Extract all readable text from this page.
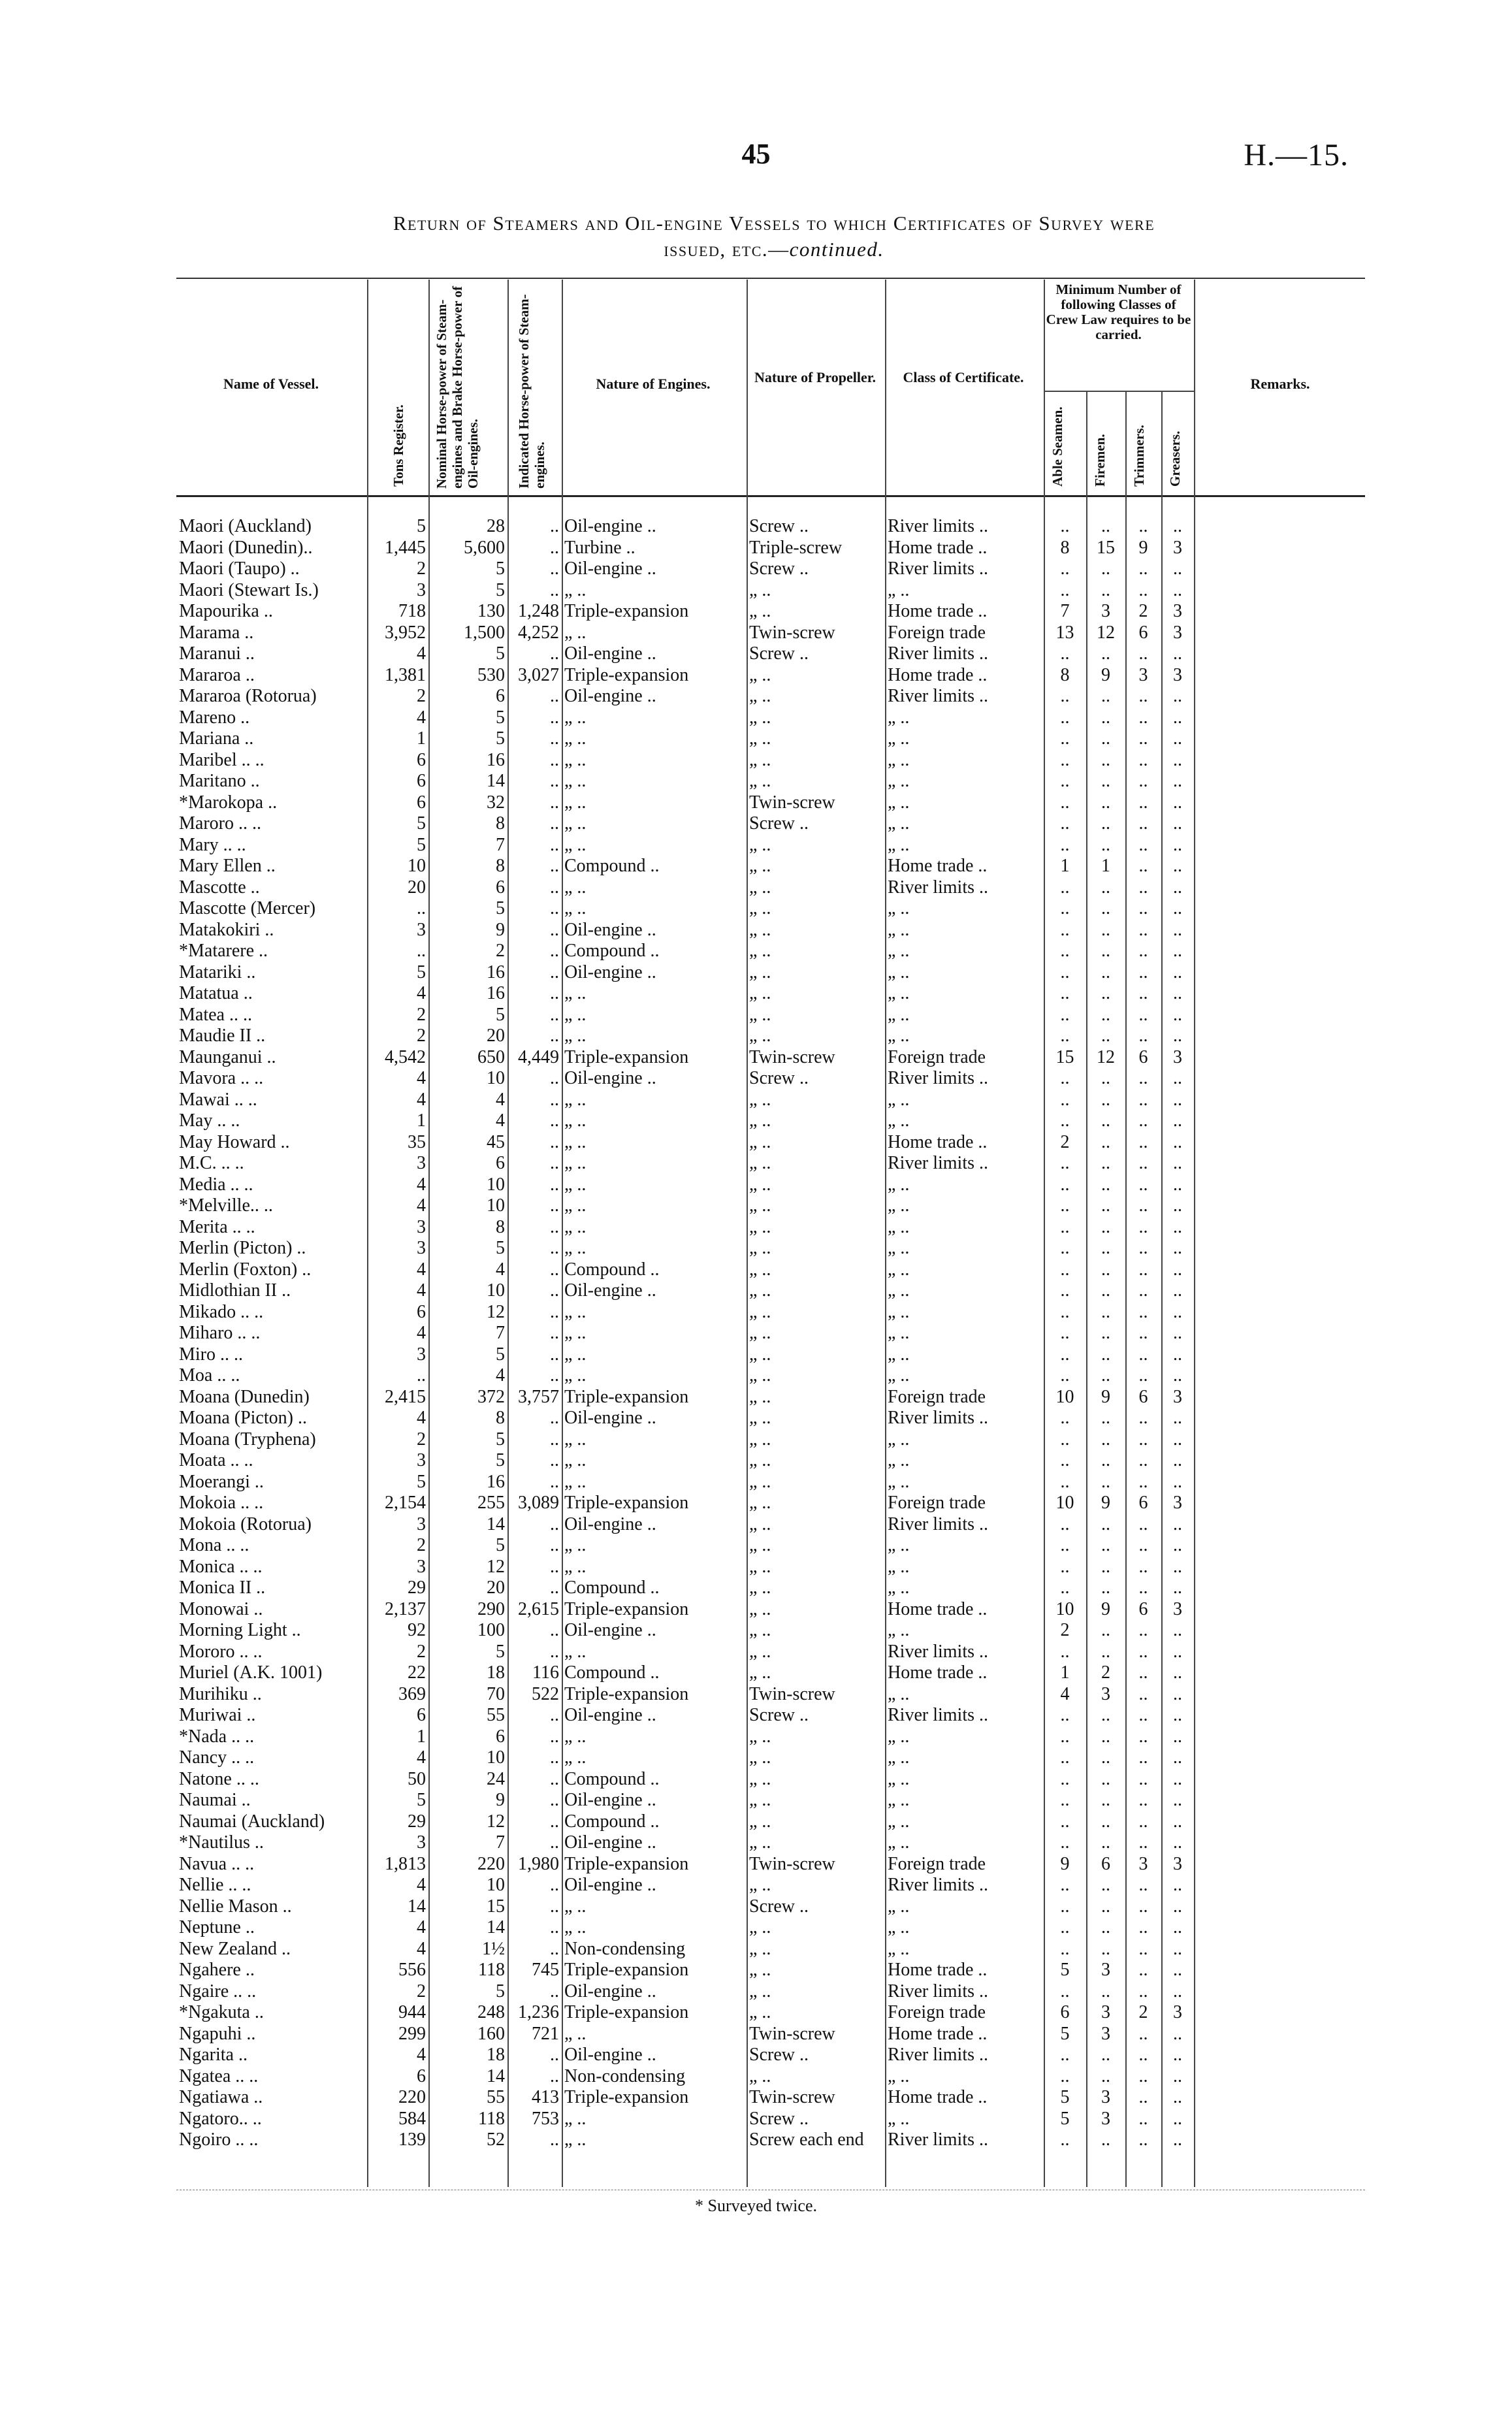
45	H.—15.
Return of Steamers and Oil-engine Vessels to which Certificates of Survey were
issued, etc.—continued.
Name of Vessel.
Tons Register. Nominal Horse-power of Steam-engines and Brake Horse-power of Oil-engines.	Indicated Horse-power of Steam-engines.
Nature of Engines.	Nature of Propeller.	Class of Certificate.
Minimum Number of following Classes of Crew Law requires to be carried.
Able Seamen.	Firemen. Trimmers. Greasers.
Remarks.
Maori (Auckland)	5	28	..	Oil-engine ..	Screw ..	River limits ..	..	..	..	..	
Maori (Dunedin)..	1,445	5,600	..	Turbine ..	Triple-screw	Home trade ..	8	15	9	3	
Maori (Taupo) ..	2	5	..	Oil-engine ..	Screw ..	River limits ..	..	..	..	..	
Maori (Stewart Is.)	3	5	..	„ ..	„ ..	„ ..	..	..	..	..	
Mapourika ..	718	130	1,248	Triple-expansion	„ ..	Home trade ..	7	3	2	3	
Marama ..	3,952	1,500	4,252	„ ..	Twin-screw	Foreign trade	13	12	6	3	
Maranui ..	4	5	..	Oil-engine ..	Screw ..	River limits ..	..	..	..	..	
Mararoa ..	1,381	530	3,027	Triple-expansion	„ ..	Home trade ..	8	9	3	3	
Mararoa (Rotorua)	2	6	..	Oil-engine ..	„ ..	River limits ..	..	..	..	..	
Mareno ..	4	5	..	„ ..	„ ..	„ ..	..	..	..	..	
Mariana ..	1	5	..	„ ..	„ ..	„ ..	..	..	..	..	
Maribel .. ..	6	16	..	„ ..	„ ..	„ ..	..	..	..	..	
Maritano ..	6	14	..	„ ..	„ ..	„ ..	..	..	..	..	
*Marokopa ..	6	32	..	„ ..	Twin-screw	„ ..	..	..	..	..	
Maroro .. ..	5	8	..	„ ..	Screw ..	„ ..	..	..	..	..	
Mary .. ..	5	7	..	„ ..	„ ..	„ ..	..	..	..	..	
Mary Ellen ..	10	8	..	Compound ..	„ ..	Home trade ..	1	1	..	..	
Mascotte ..	20	6	..	„ ..	„ ..	River limits ..	..	..	..	..	
Mascotte (Mercer)	..	5	..	„ ..	„ ..	„ ..	..	..	..	..	
Matakokiri ..	3	9	..	Oil-engine ..	„ ..	„ ..	..	..	..	..	
*Matarere ..	..	2	..	Compound ..	„ ..	„ ..	..	..	..	..	
Matariki ..	5	16	..	Oil-engine ..	„ ..	„ ..	..	..	..	..	
Matatua ..	4	16	..	„ ..	„ ..	„ ..	..	..	..	..	
Matea .. ..	2	5	..	„ ..	„ ..	„ ..	..	..	..	..	
Maudie II ..	2	20	..	„ ..	„ ..	„ ..	..	..	..	..	
Maunganui ..	4,542	650	4,449	Triple-expansion	Twin-screw	Foreign trade	15	12	6	3	
Mavora .. ..	4	10	..	Oil-engine ..	Screw ..	River limits ..	..	..	..	..	
Mawai .. ..	4	4	..	„ ..	„ ..	„ ..	..	..	..	..	
May .. ..	1	4	..	„ ..	„ ..	„ ..	..	..	..	..	
May Howard ..	35	45	..	„ ..	„ ..	Home trade ..	2	..	..	..	
M.C. .. ..	3	6	..	„ ..	„ ..	River limits ..	..	..	..	..	
Media .. ..	4	10	..	„ ..	„ ..	„ ..	..	..	..	..	
*Melville.. ..	4	10	..	„ ..	„ ..	„ ..	..	..	..	..	
Merita .. ..	3	8	..	„ ..	„ ..	„ ..	..	..	..	..	
Merlin (Picton) ..	3	5	..	„ ..	„ ..	„ ..	..	..	..	..	
Merlin (Foxton) ..	4	4	..	Compound ..	„ ..	„ ..	..	..	..	..	
Midlothian II ..	4	10	..	Oil-engine ..	„ ..	„ ..	..	..	..	..	
Mikado .. ..	6	12	..	„ ..	„ ..	„ ..	..	..	..	..	
Miharo .. ..	4	7	..	„ ..	„ ..	„ ..	..	..	..	..	
Miro .. ..	3	5	..	„ ..	„ ..	„ ..	..	..	..	..	
Moa .. ..	..	4	..	„ ..	„ ..	„ ..	..	..	..	..	
Moana (Dunedin)	2,415	372	3,757	Triple-expansion	„ ..	Foreign trade	10	9	6	3	
Moana (Picton) ..	4	8	..	Oil-engine ..	„ ..	River limits ..	..	..	..	..	
Moana (Tryphena)	2	5	..	„ ..	„ ..	„ ..	..	..	..	..	
Moata .. ..	3	5	..	„ ..	„ ..	„ ..	..	..	..	..	
Moerangi ..	5	16	..	„ ..	„ ..	„ ..	..	..	..	..	
Mokoia .. ..	2,154	255	3,089	Triple-expansion	„ ..	Foreign trade	10	9	6	3	
Mokoia (Rotorua)	3	14	..	Oil-engine ..	„ ..	River limits ..	..	..	..	..	
Mona .. ..	2	5	..	„ ..	„ ..	„ ..	..	..	..	..	
Monica .. ..	3	12	..	„ ..	„ ..	„ ..	..	..	..	..	
Monica II ..	29	20	..	Compound ..	„ ..	„ ..	..	..	..	..	
Monowai ..	2,137	290	2,615	Triple-expansion	„ ..	Home trade ..	10	9	6	3	
Morning Light ..	92	100	..	Oil-engine ..	„ ..	„ ..	2	..	..	..	
Mororo .. ..	2	5	..	„ ..	„ ..	River limits ..	..	..	..	..	
Muriel (A.K. 1001)	22	18	116	Compound ..	„ ..	Home trade ..	1	2	..	..	
Murihiku ..	369	70	522	Triple-expansion	Twin-screw	„ ..	4	3	..	..	
Muriwai ..	6	55	..	Oil-engine ..	Screw ..	River limits ..	..	..	..	..	
*Nada .. ..	1	6	..	„ ..	„ ..	„ ..	..	..	..	..	
Nancy .. ..	4	10	..	„ ..	„ ..	„ ..	..	..	..	..	
Natone .. ..	50	24	..	Compound ..	„ ..	„ ..	..	..	..	..	
Naumai ..	5	9	..	Oil-engine ..	„ ..	„ ..	..	..	..	..	
Naumai (Auckland)	29	12	..	Compound ..	„ ..	„ ..	..	..	..	..	
*Nautilus ..	3	7	..	Oil-engine ..	„ ..	„ ..	..	..	..	..	
Navua .. ..	1,813	220	1,980	Triple-expansion	Twin-screw	Foreign trade	9	6	3	3	
Nellie .. ..	4	10	..	Oil-engine ..	„ ..	River limits ..	..	..	..	..	
Nellie Mason ..	14	15	..	„ ..	Screw ..	„ ..	..	..	..	..	
Neptune ..	4	14	..	„ ..	„ ..	„ ..	..	..	..	..	
New Zealand ..	4	1½	..	Non-condensing	„ ..	„ ..	..	..	..	..	
Ngahere ..	556	118	745	Triple-expansion	„ ..	Home trade ..	5	3	..	..	
Ngaire .. ..	2	5	..	Oil-engine ..	„ ..	River limits ..	..	..	..	..	
*Ngakuta ..	944	248	1,236	Triple-expansion	„ ..	Foreign trade	6	3	2	3	
Ngapuhi ..	299	160	721	„ ..	Twin-screw	Home trade ..	5	3	..	..	
Ngarita ..	4	18	..	Oil-engine ..	Screw ..	River limits ..	..	..	..	..	
Ngatea .. ..	6	14	..	Non-condensing	„ ..	„ ..	..	..	..	..	
Ngatiawa ..	220	55	413	Triple-expansion	Twin-screw	Home trade ..	5	3	..	..	
Ngatoro.. ..	584	118	753	„ ..	Screw ..	„ ..	5	3	..	..	
Ngoiro .. ..	139	52	..	„ ..	Screw each end	River limits ..	..	..	..	..	
* Surveyed twice.
